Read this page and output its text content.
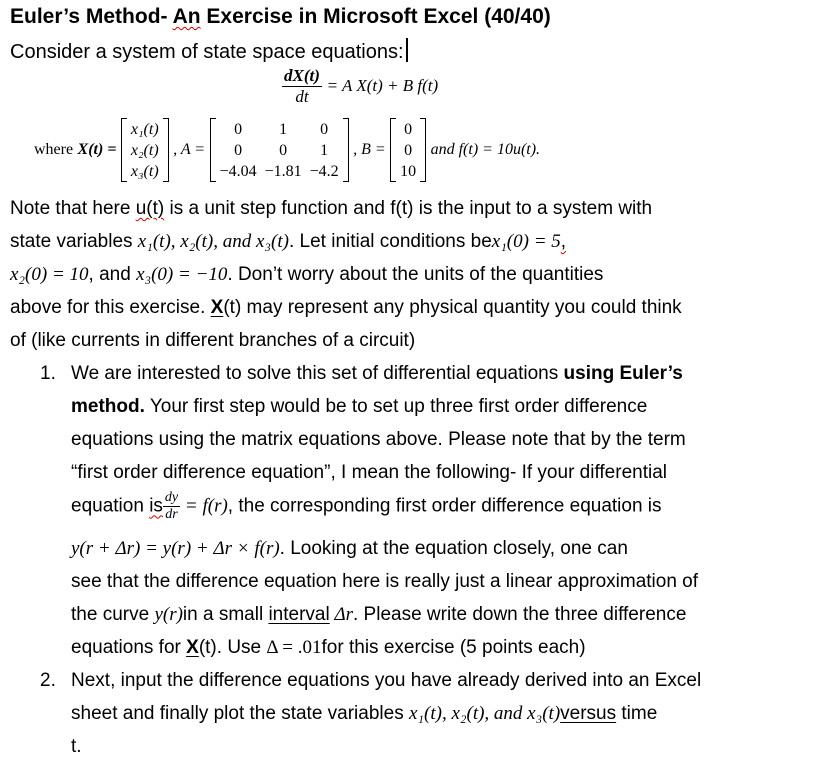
Euler’s Method- An Exercise in Microsoft Excel (40/40)
Consider a system of state space equations:
$\frac{dX(t)}{dt} = A$ X(t) + B f(t)
where X(t) = x₁(t)
x₂(t)
x₃(t) , A = 0	1	0
0	0	1
−4.04	−1.81	−4.2 , B = 0
0
10 and f(t) = 10u(t).
Note that here u(t) is a unit step function and f(t) is the input to a system with
state variables x₁(t), x₂(t), and x₃(t). Let initial conditions bex₁(0) = 5,
x₂(0) = 10, and x₃(0) = −10. Don’t worry about the units of the quantities
above for this exercise. X(t) may represent any physical quantity you could think
of (like currents in different branches of a circuit)
1. We are interested to solve this set of differential equations using Euler’s
method. Your first step would be to set up three first order difference
equations using the matrix equations above. Please note that by the term
“first order difference equation”, I mean the following- If your differential
equation is $\frac{dy}{dr} = f(r)$, the corresponding first order difference equation is
y(r + Δr) = y(r) + Δr × f(r). Looking at the equation closely, one can
see that the difference equation here is really just a linear approximation of
the curve y(r)in a small interval Δr. Please write down the three difference
equations for X(t). Use Δ = .01for this exercise (5 points each)
2. Next, input the difference equations you have already derived into an Excel
sheet and finally plot the state variables x₁(t), x₂(t), and x₃(t)versus time
t.
